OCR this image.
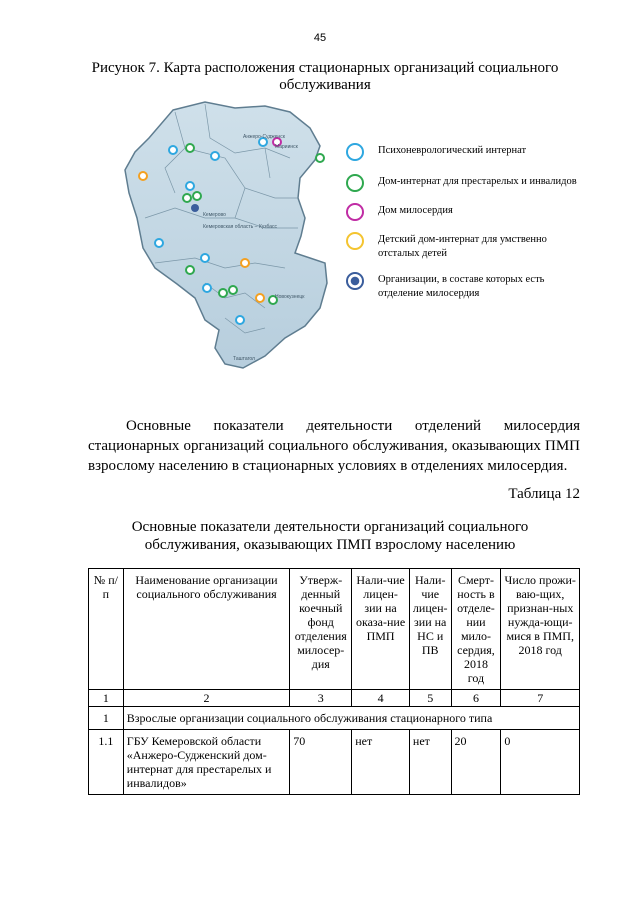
45
Рисунок 7. Карта расположения стационарных организаций социального обслуживания
Анжеро-Судженск
Мариинск
Кемерово
Новокузнецк
Таштагол
Кемеровская область – Кузбасс
Психоневрологический интернат
Дом-интернат для престарелых и инвалидов
Дом милосердия
Детский дом-интернат для умственно отсталых детей
Организации, в составе которых есть отделение милосердия
Основные показатели деятельности отделений милосердия стационарных организаций социального обслуживания, оказывающих ПМП взрослому населению в стационарных условиях в отделениях милосердия.
Таблица 12
Основные показатели деятельности организаций социального обслуживания, оказывающих ПМП взрослому населению
№ п/п	Наименование организации социального обслуживания	Утверж-денный коечный фонд отделения милосер-дия	Нали-чие лицен-зии на оказа-ние ПМП	Нали-чие лицен-зии на НС и ПВ	Смерт-ность в отделе-нии мило-сердия, 2018 год	Число прожи-ваю-щих, признан-ных нужда-ющи-мися в ПМП, 2018 год
1	2	3	4	5	6	7
1	Взрослые организации социального обслуживания стационарного типа					
1.1	ГБУ Кемеровской области «Анжеро-Судженский дом-интернат для престарелых и инвалидов»	70	нет	нет	20	0
